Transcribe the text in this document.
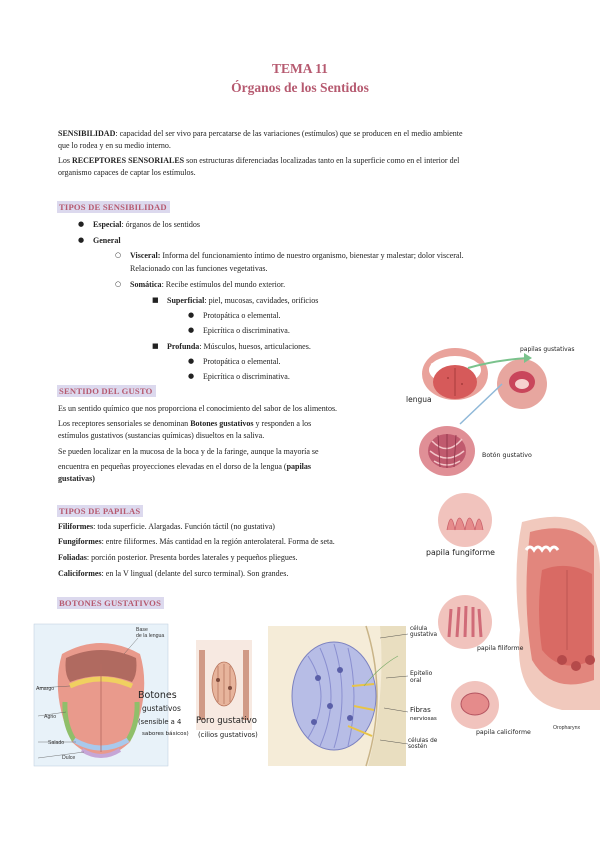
TEMA 11
Órganos de los Sentidos
SENSIBILIDAD: capacidad del ser vivo para percatarse de las variaciones (estímulos) que se producen en el medio ambiente
que lo rodea y en su medio interno.
Los RECEPTORES SENSORIALES son estructuras diferenciadas localizadas tanto en la superficie como en el interior del
organismo capaces de captar los estímulos.
TIPOS DE SENSIBILIDAD
● Especial: órganos de los sentidos
● General
○ Visceral: Informa del funcionamiento íntimo de nuestro organismo, bienestar y malestar; dolor visceral.
Relacionado con las funciones vegetativas.
○ Somática: Recibe estímulos del mundo exterior.
■ Superficial: piel, mucosas, cavidades, orificios
● Protopática o elemental.
● Epicrítica o discriminativa.
■ Profunda: Músculos, huesos, articulaciones.
● Protopática o elemental.
● Epicrítica o discriminativa.
SENTIDO DEL GUSTO
Es un sentido químico que nos proporciona el conocimiento del sabor de los alimentos.
Los receptores sensoriales se denominan Botones gustativos y responden a los
estímulos gustativos (sustancias químicas) disueltos en la saliva.
Se pueden localizar en la mucosa de la boca y de la faringe, aunque la mayoría se
encuentra en pequeñas proyecciones elevadas en el dorso de la lengua (papilas
gustativas)
TIPOS DE PAPILAS
Filiformes: toda superficie. Alargadas. Función táctil (no gustativa)
Fungiformes: entre filiformes. Más cantidad en la región anterolateral. Forma de seta.
Foliadas: porción posterior. Presenta bordes laterales y pequeños pliegues.
Caliciformes: en la V lingual (delante del surco terminal). Son grandes.
BOTONES GUSTATIVOS
lengua
papilas gustativas
Botón gustativo
papila fungiforme
papila filiforme
papila caliciforme
Oropharynx
Base
de la lengua
Amargo
Agrio
Salado
Dulce
Botones
gustativos
(sensible a 4
sabores básicos)
Poro gustativo
(cilios gustativos)
célula
gustativa
Epitelio
oral
Fibras
nerviosas
células de
sostén
